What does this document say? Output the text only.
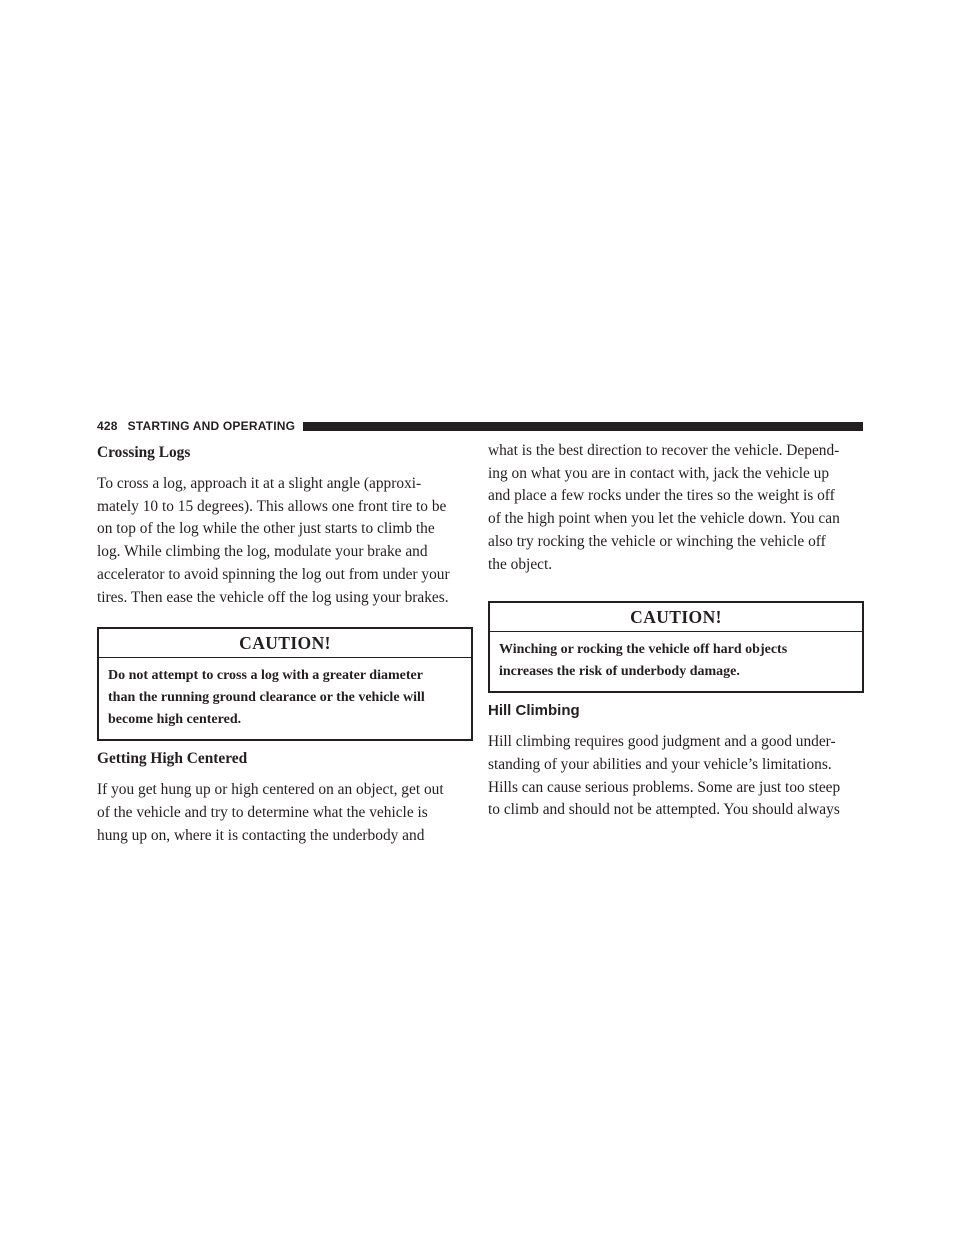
428 STARTING AND OPERATING

Crossing Logs

To cross a log, approach it at a slight angle (approxi-
mately 10 to 15 degrees). This allows one front tire to be
on top of the log while the other just starts to climb the
log. While climbing the log, modulate your brake and
accelerator to avoid spinning the log out from under your
tires. Then ease the vehicle off the log using your brakes.
CAUTION!
Do not attempt to cross a log with a greater diameter
than the running ground clearance or the vehicle will
become high centered.

Getting High Centered

If you get hung up or high centered on an object, get out
of the vehicle and try to determine what the vehicle is
hung up on, where it is contacting the underbody and
what is the best direction to recover the vehicle. Depend-
ing on what you are in contact with, jack the vehicle up
and place a few rocks under the tires so the weight is off
of the high point when you let the vehicle down. You can
also try rocking the vehicle or winching the vehicle off
the object.
CAUTION!
Winching or rocking the vehicle off hard objects
increases the risk of underbody damage.

Hill Climbing

Hill climbing requires good judgment and a good under-
standing of your abilities and your vehicle’s limitations.
Hills can cause serious problems. Some are just too steep
to climb and should not be attempted. You should always
